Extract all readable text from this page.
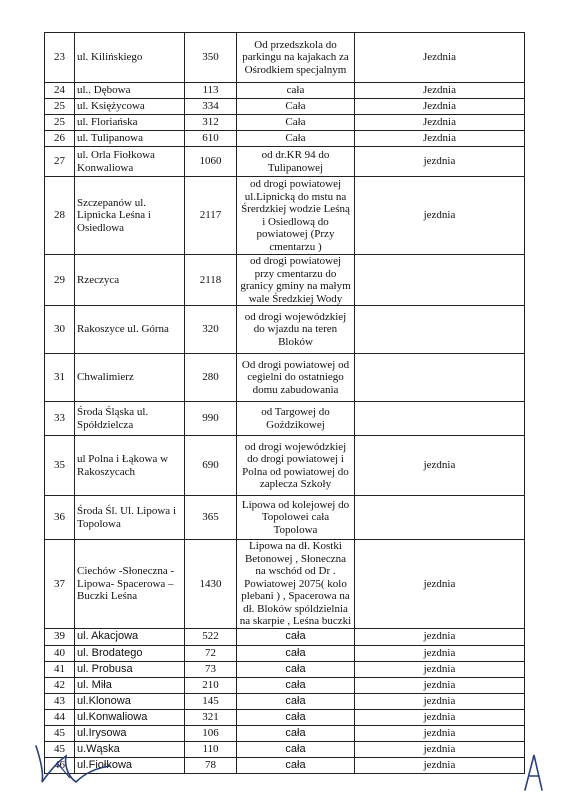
23	ul. Kilińskiego	350	Od przedszkola do parkingu na kajakach za Ośrodkiem specjalnym	Jezdnia
24	ul.. Dębowa	113	cała	Jezdnia
25	ul. Księżycowa	334	Cała	Jezdnia
25	ul. Floriańska	312	Cała	Jezdnia
26	ul. Tulipanowa	610	Cała	Jezdnia
27	ul. Orla Fiołkowa Konwaliowa	1060	od dr.KR 94 do Tulipanowej	jezdnia
28	Szczepanów ul. Lipnicka Leśna i Osiedlowa	2117	od drogi powiatowej ul.Lipnicką do mstu na Śrerdzkiej wodzie Leśną i Osiedlową do powiatowej (Przy cmentarzu )	jezdnia
29	Rzeczyca	2118	od drogi powiatowej przy cmentarzu do granicy gminy na małym wale Średzkiej Wody	
30	Rakoszyce ul. Górna	320	od drogi wojewódzkiej do wjazdu na teren Bloków	
31	Chwalimierz	280	Od drogi powiatowej od cegielni do ostatniego domu zabudowania	
33	Środa Śląska ul. Spółdzielcza	990	od Targowej do Goździkowej	
35	ul Polna i Łąkowa w Rakoszycach	690	od drogi wojewódzkiej do drogi powiatowej i Polna od powiatowej do zaplecza Szkoły	jezdnia
36	Środa Śl. Ul. Lipowa i Topolowa	365	Lipowa od kolejowej do Topolowei cała Topolowa	
37	Ciechów -Słoneczna -Lipowa- Spacerowa – Buczki Leśna	1430	Lipowa na dł. Kostki Betonowej , Słoneczna na wschód od Dr . Powiatowej 2075( kolo plebani ) , Spacerowa na dł. Bloków spóldzielnia na skarpie , Leśna buczki	jezdnia
39	ul. Akacjowa	522	cała	jezdnia
40	ul. Brodatego	72	cała	jezdnia
41	ul. Probusa	73	cała	jezdnia
42	ul. Miła	210	cała	jezdnia
43	ul.Klonowa	145	cała	jezdnia
44	ul.Konwaliowa	321	cała	jezdnia
45	ul.Irysowa	106	cała	jezdnia
45	u.Wąska	110	cała	jezdnia
46	ul.Fiołkowa	78	cała	jezdnia
